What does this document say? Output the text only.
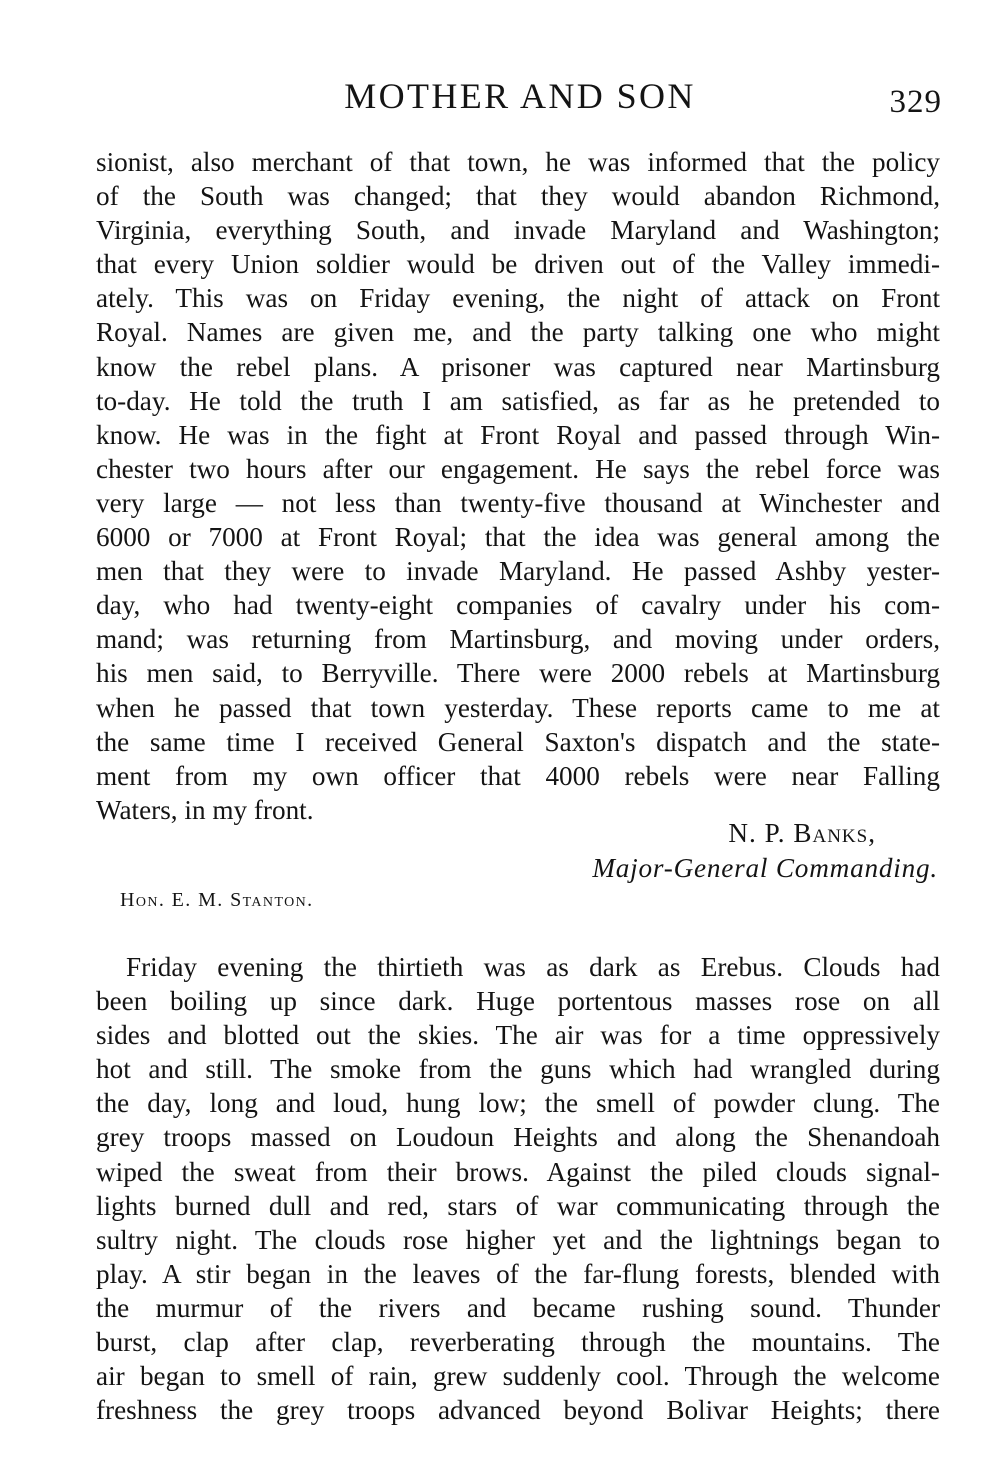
MOTHER AND SON	329
sionist, also merchant of that town, he was informed that the policy
of the South was changed; that they would abandon Richmond,
Virginia, everything South, and invade Maryland and Washington;
that every Union soldier would be driven out of the Valley immedi-
ately. This was on Friday evening, the night of attack on Front
Royal. Names are given me, and the party talking one who might
know the rebel plans. A prisoner was captured near Martinsburg
to-day. He told the truth I am satisfied, as far as he pretended to
know. He was in the fight at Front Royal and passed through Win-
chester two hours after our engagement. He says the rebel force was
very large — not less than twenty-five thousand at Winchester and
6000 or 7000 at Front Royal; that the idea was general among the
men that they were to invade Maryland. He passed Ashby yester-
day, who had twenty-eight companies of cavalry under his com-
mand; was returning from Martinsburg, and moving under orders,
his men said, to Berryville. There were 2000 rebels at Martinsburg
when he passed that town yesterday. These reports came to me at
the same time I received General Saxton's dispatch and the state-
ment from my own officer that 4000 rebels were near Falling
Waters, in my front.
N. P. Banks,
Major-General Commanding.
Hon. E. M. Stanton.
Friday evening the thirtieth was as dark as Erebus. Clouds had
been boiling up since dark. Huge portentous masses rose on all
sides and blotted out the skies. The air was for a time oppressively
hot and still. The smoke from the guns which had wrangled during
the day, long and loud, hung low; the smell of powder clung. The
grey troops massed on Loudoun Heights and along the Shenandoah
wiped the sweat from their brows. Against the piled clouds signal-
lights burned dull and red, stars of war communicating through the
sultry night. The clouds rose higher yet and the lightnings began to
play. A stir began in the leaves of the far-flung forests, blended with
the murmur of the rivers and became rushing sound. Thunder
burst, clap after clap, reverberating through the mountains. The
air began to smell of rain, grew suddenly cool. Through the welcome
freshness the grey troops advanced beyond Bolivar Heights; there
